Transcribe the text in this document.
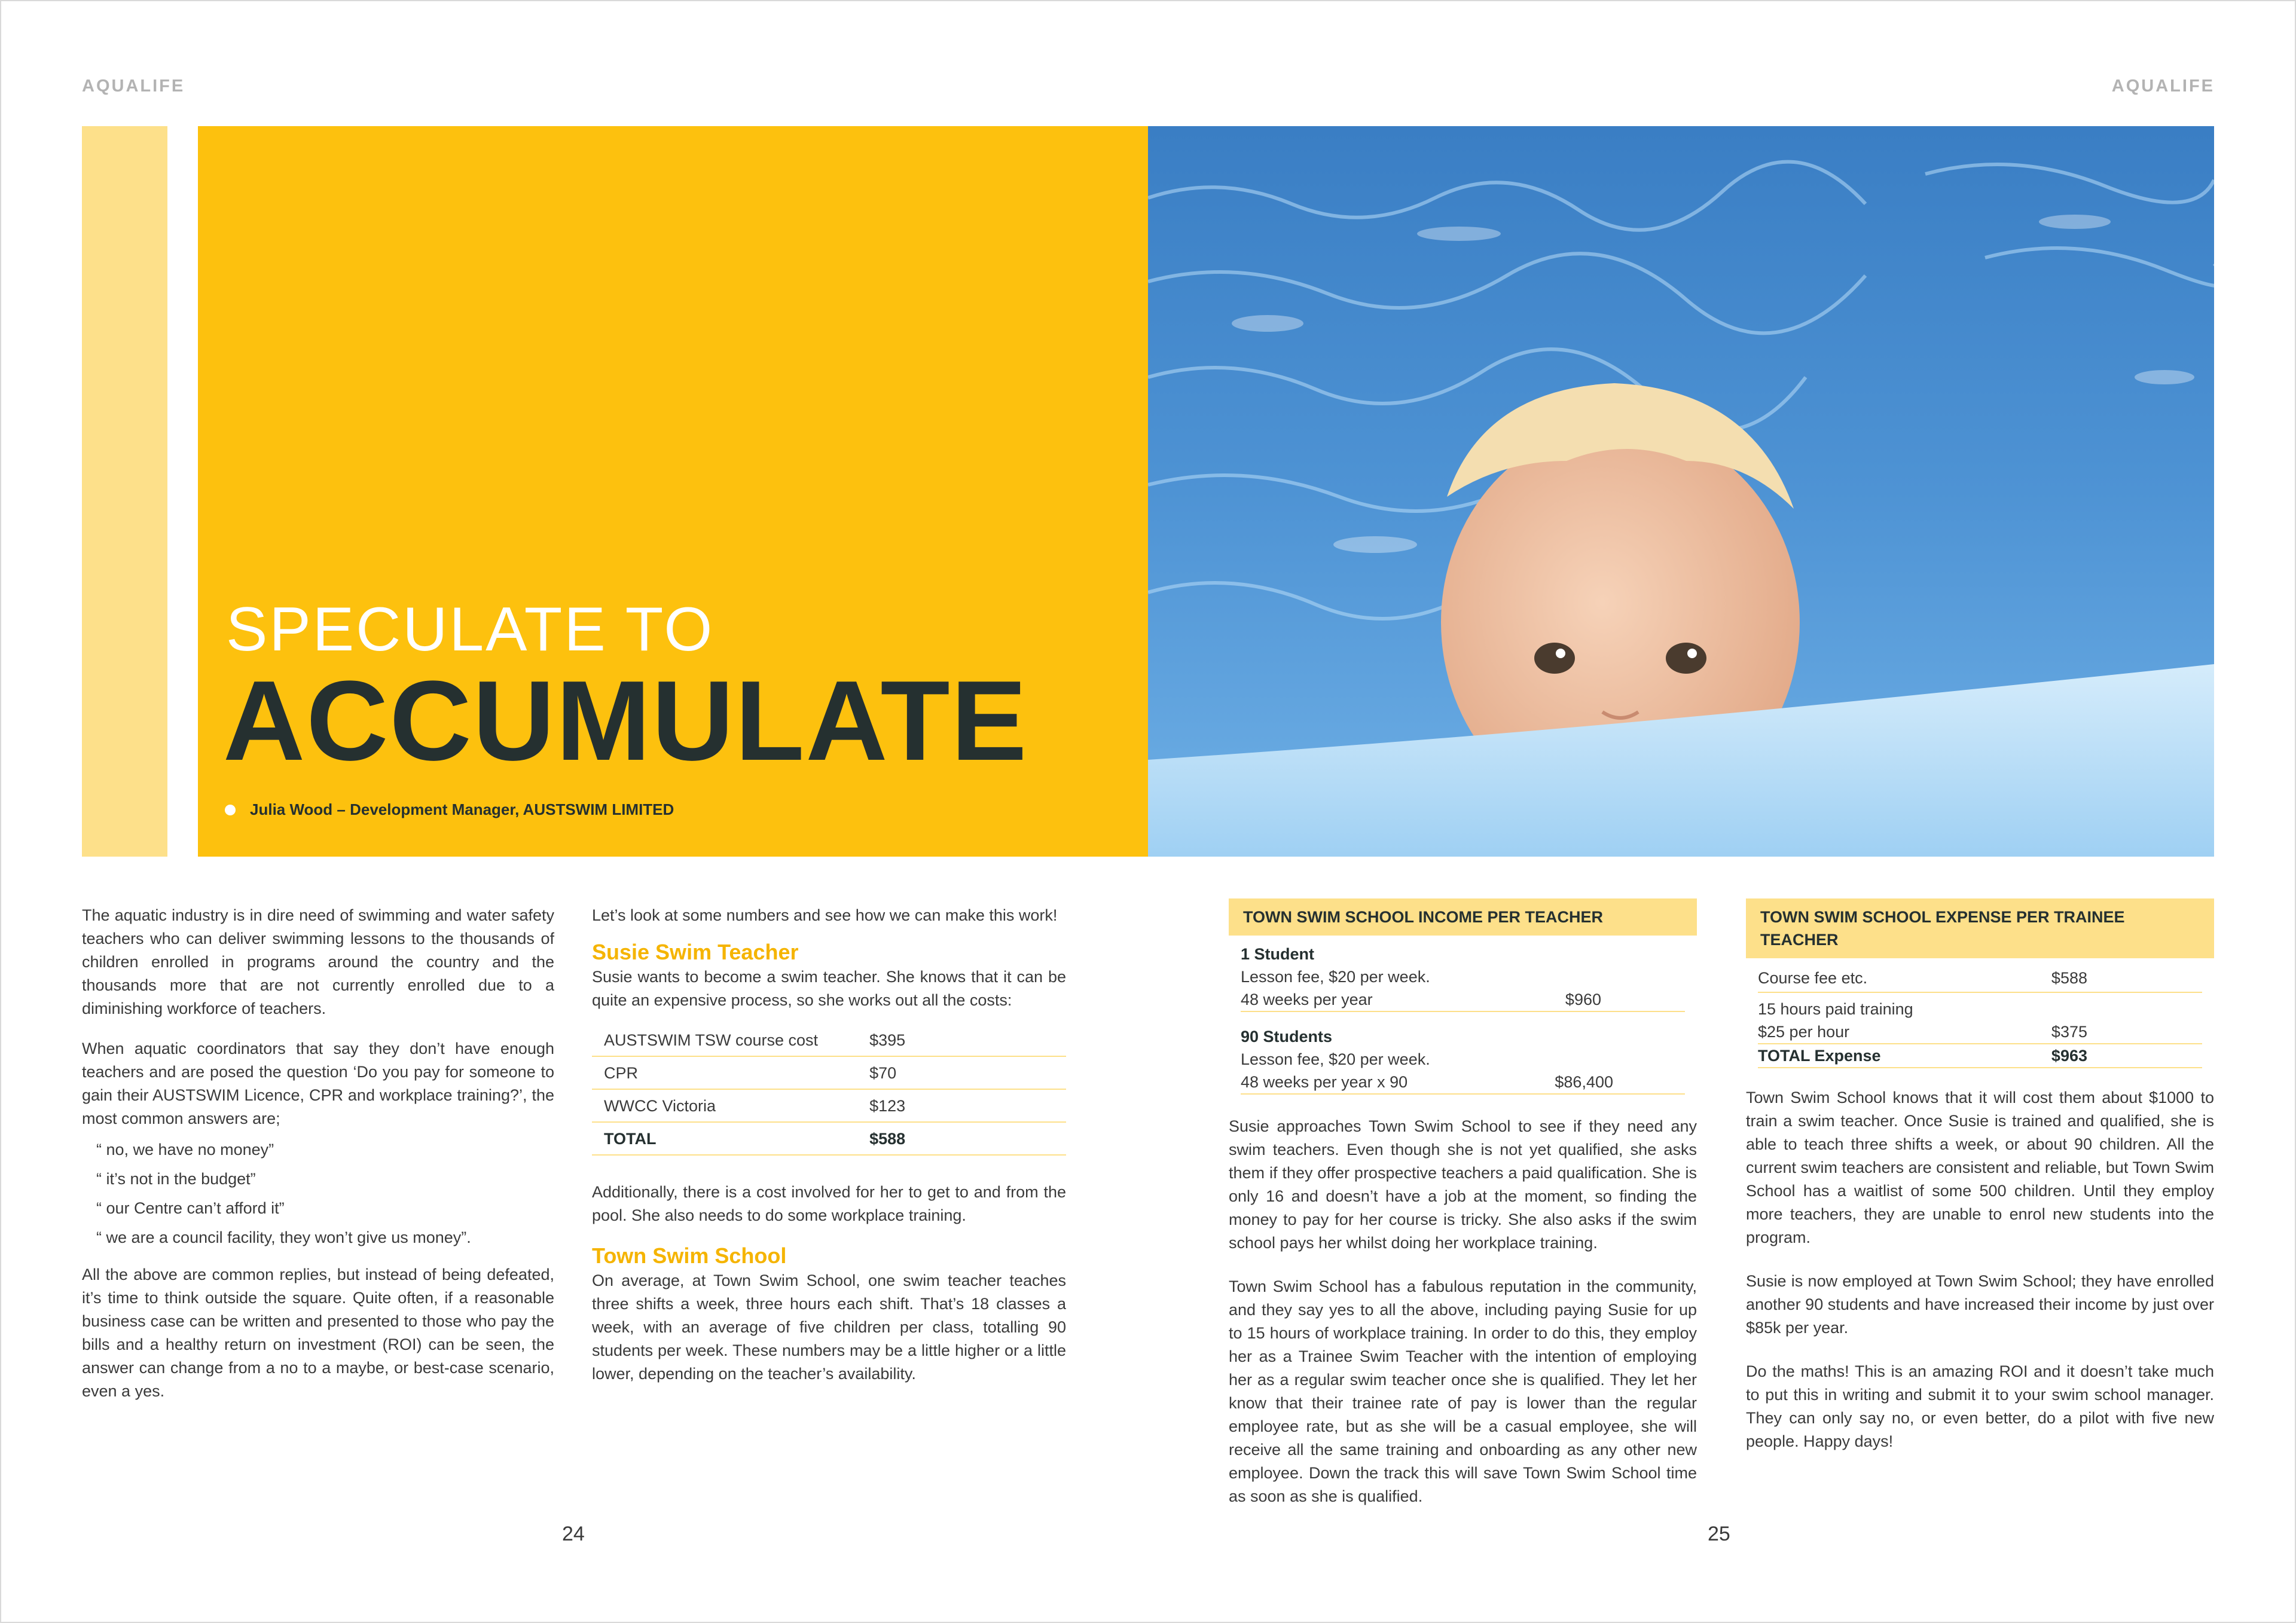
AQUALIFE	AQUALIFE
SPECULATE TO
ACCUMULATE
Julia Wood – Development Manager, AUSTSWIM LIMITED

The aquatic industry is in dire need of swimming and water safety teachers who can deliver swimming lessons to the thousands of children enrolled in programs around the country and the thousands more that are not currently enrolled due to a diminishing workforce of teachers.

When aquatic coordinators that say they don’t have enough teachers and are posed the question ‘Do you pay for someone to gain their AUSTSWIM Licence, CPR and workplace training?’, the most common answers are;

“ no, we have no money”
“ it’s not in the budget”
“ our Centre can’t afford it”
“ we are a council facility, they won’t give us money”.

All the above are common replies, but instead of being defeated, it’s time to think outside the square. Quite often, if a reasonable business case can be written and presented to those who pay the bills and a healthy return on investment (ROI) can be seen, the answer can change from a no to a maybe, or best-case scenario, even a yes.

Let’s look at some numbers and see how we can make this work!

Susie Swim Teacher

Susie wants to become a swim teacher. She knows that it can be quite an expensive process, so she works out all the costs:

AUSTSWIM TSW course cost	$395
CPR	$70
WWCC Victoria	$123
TOTAL	$588

Additionally, there is a cost involved for her to get to and from the pool. She also needs to do some workplace training.

Town Swim School

On average, at Town Swim School, one swim teacher teaches three shifts a week, three hours each shift. That’s 18 classes a week, with an average of five children per class, totalling 90 students per week. These numbers may be a little higher or a little lower, depending on the teacher’s availability.

TOWN SWIM SCHOOL INCOME PER TEACHER
1 Student
Lesson fee, $20 per week.
48 weeks per year	$960
90 Students
Lesson fee, $20 per week.
48 weeks per year x 90	$86,400

Susie approaches Town Swim School to see if they need any swim teachers. Even though she is not yet qualified, she asks them if they offer prospective teachers a paid qualification. She is only 16 and doesn’t have a job at the moment, so finding the money to pay for her course is tricky. She also asks if the swim school pays her whilst doing her workplace training.

Town Swim School has a fabulous reputation in the community, and they say yes to all the above, including paying Susie for up to 15 hours of workplace training. In order to do this, they employ her as a Trainee Swim Teacher with the intention of employing her as a regular swim teacher once she is qualified. They let her know that their trainee rate of pay is lower than the regular employee rate, but as she will be a casual employee, she will receive all the same training and onboarding as any other new employee. Down the track this will save Town Swim School time as soon as she is qualified.

TOWN SWIM SCHOOL EXPENSE PER TRAINEE TEACHER
Course fee etc.	$588
15 hours paid training
$25 per hour	$375
TOTAL Expense	$963

Town Swim School knows that it will cost them about $1000 to train a swim teacher. Once Susie is trained and qualified, she is able to teach three shifts a week, or about 90 children. All the current swim teachers are consistent and reliable, but Town Swim School has a waitlist of some 500 children. Until they employ more teachers, they are unable to enrol new students into the program.

Susie is now employed at Town Swim School; they have enrolled another 90 students and have increased their income by just over $85k per year.

Do the maths! This is an amazing ROI and it doesn’t take much to put this in writing and submit it to your swim school manager. They can only say no, or even better, do a pilot with five new people. Happy days!

24	25
